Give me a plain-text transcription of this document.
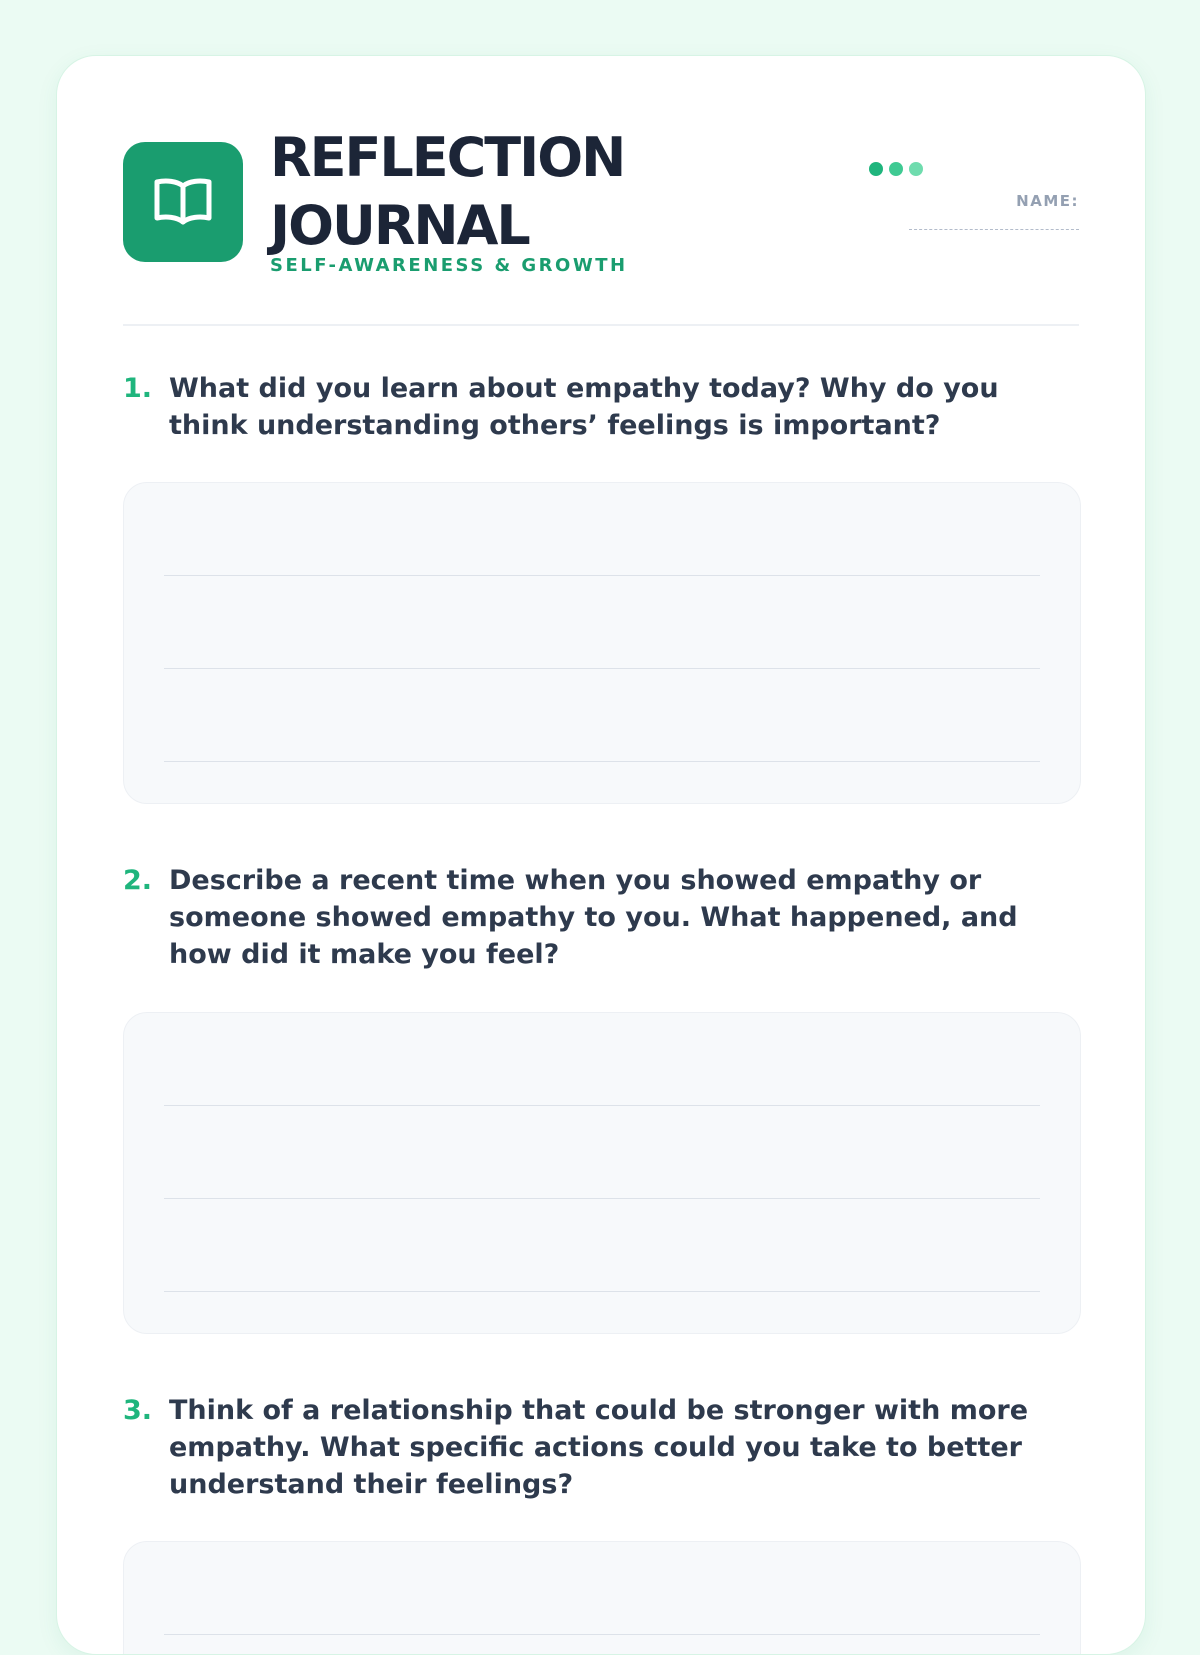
REFLECTION
JOURNAL
SELF-AWARENESS & GROWTH
NAME:
1. What did you learn about empathy today? Why do you think understanding others’ feelings is important?
2. Describe a recent time when you showed empathy or someone showed empathy to you. What happened, and how did it make you feel?
3. Think of a relationship that could be stronger with more empathy. What specific actions could you take to better understand their feelings?
